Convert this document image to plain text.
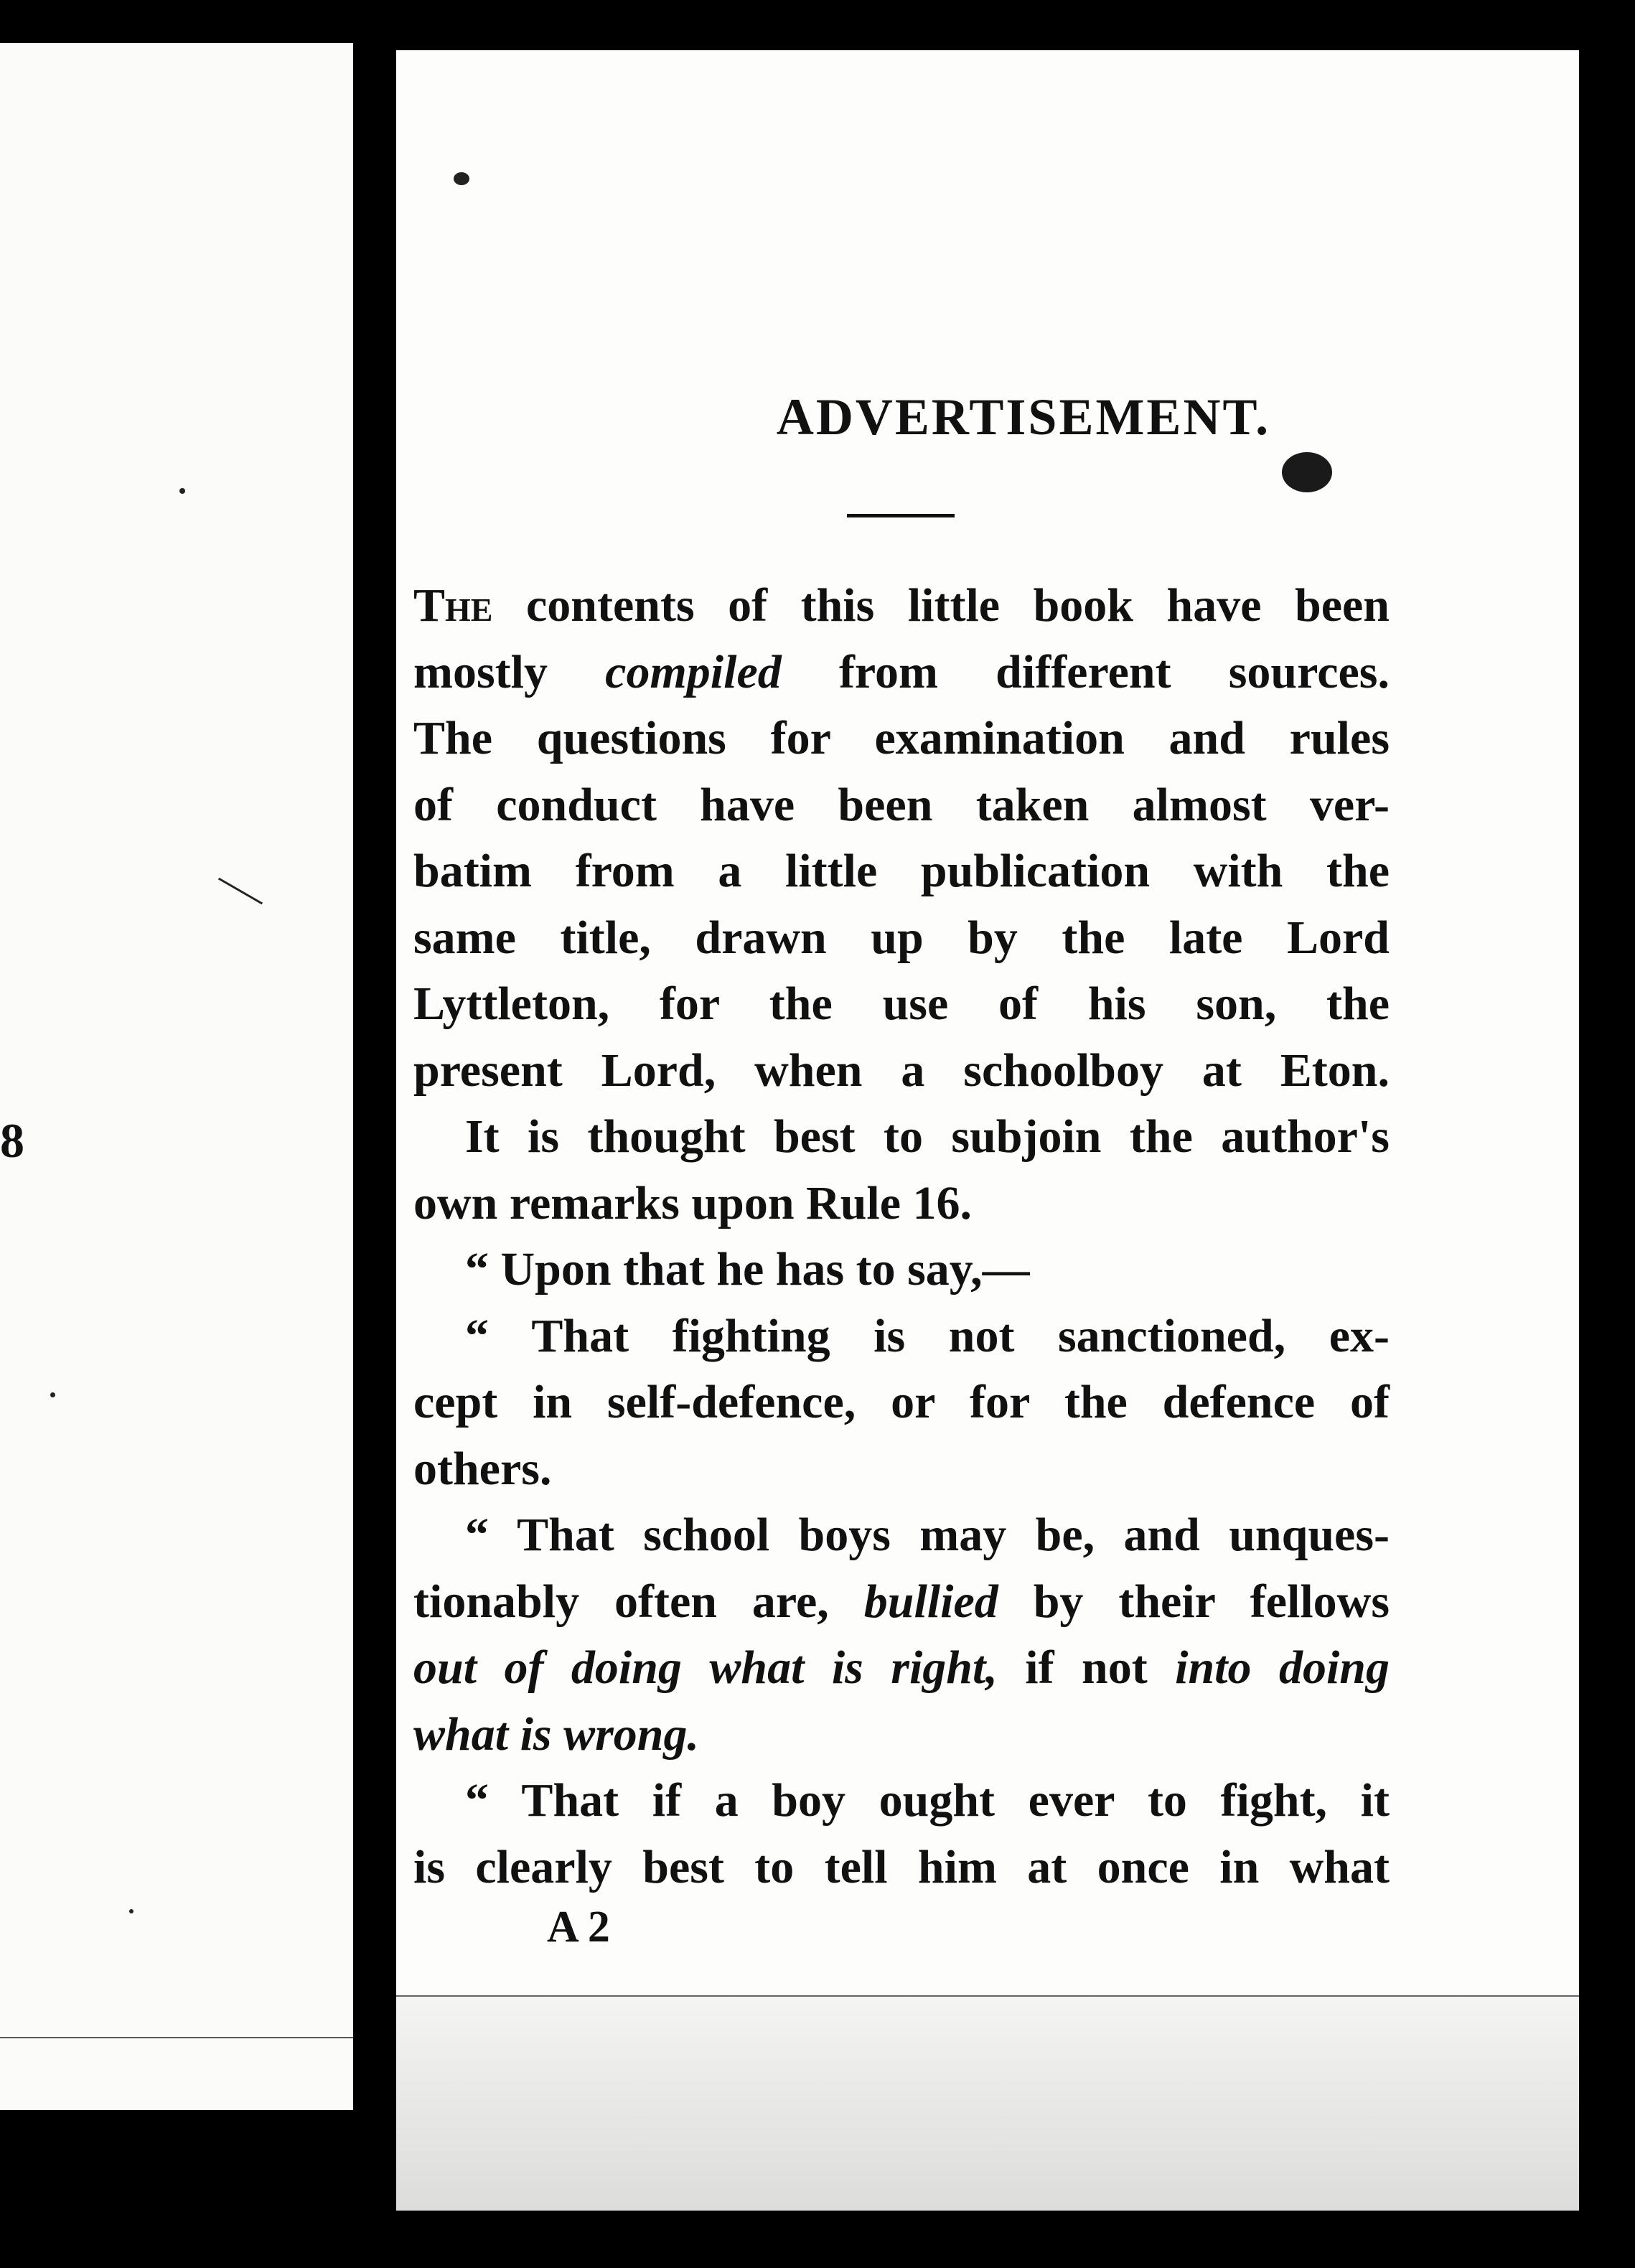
8
ADVERTISEMENT.

The contents of this little book have been

mostly compiled from different sources.

The questions for examination and rules

of conduct have been taken almost ver-

batim from a little publication with the

same title, drawn up by the late Lord

Lyttleton, for the use of his son, the

present Lord, when a schoolboy at Eton.

It is thought best to subjoin the author's

own remarks upon Rule 16.

“ Upon that he has to say,—

“ That fighting is not sanctioned, ex-

cept in self-defence, or for the defence of

others.

“ That school boys may be, and unques-

tionably often are, bullied by their fellows

out of doing what is right, if not into doing

what is wrong.

“ That if a boy ought ever to fight, it

is clearly best to tell him at once in what

A 2
